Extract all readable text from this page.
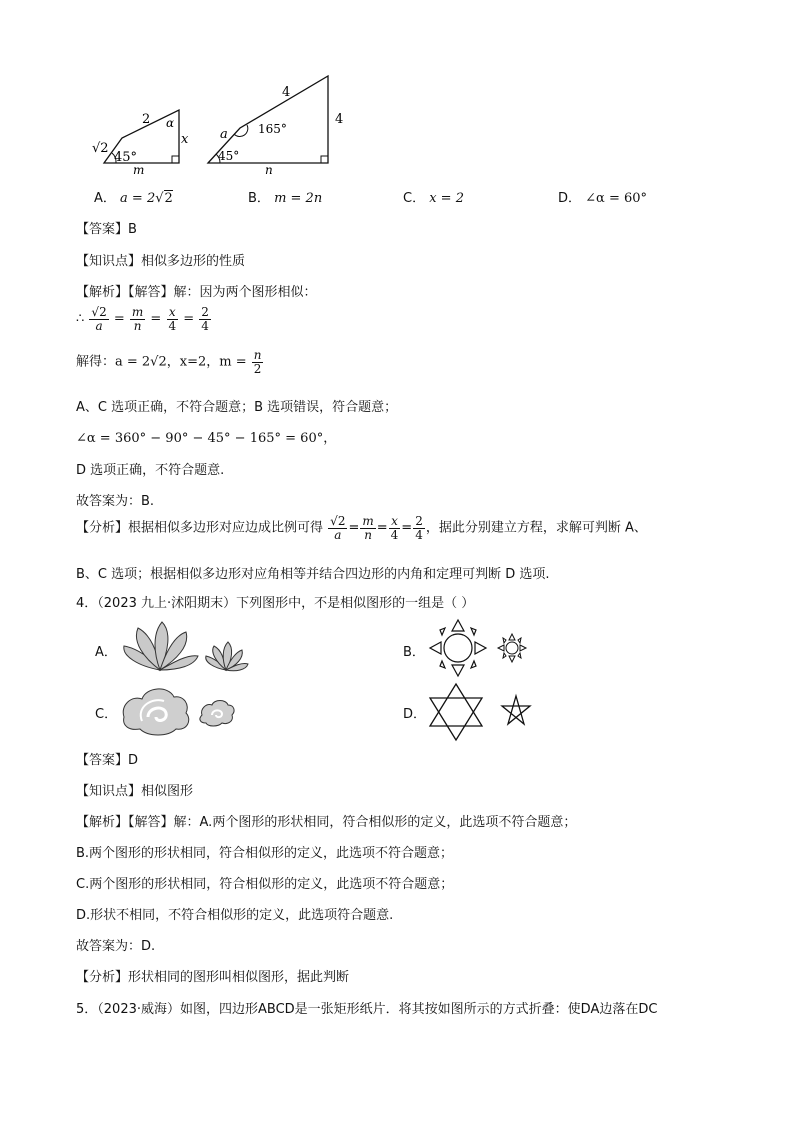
√2
2 α
x
45°
m
4
4
a	165°
45°
n
A． a = 2√2	B． m = 2n	C． x = 2	D． ∠α = 60°
【答案】B
【知识点】相似多边形的性质
【解析】【解答】解：因为两个图形相似：
∴ $\frac{√2}{a} = \frac{m}{n} = \frac{x}{4} = \frac{2}{4}$
解得：a = 2√2，x=2，$m = \frac{n}{2}$
A、C 选项正确，不符合题意；B 选项错误，符合题意；
∠α = 360° − 90° − 45° − 165° = 60°，
D 选项正确，不符合题意.
故答案为：B.
【分析】根据相似多边形对应边成比例可得 $\frac{√2}{a} = \frac{m}{n} = \frac{x}{4} = \frac{2}{4}$ ，据此分别建立方程，求解可判断 A、
B、C 选项；根据相似多边形对应角相等并结合四边形的内角和定理可判断 D 选项.
4．（2023 九上·沭阳期末）下列图形中，不是相似图形的一组是（ ）
A．	B．
C．	D．
【答案】D
【知识点】相似图形
【解析】【解答】解：A.两个图形的形状相同，符合相似形的定义，此选项不符合题意；
B.两个图形的形状相同，符合相似形的定义，此选项不符合题意；
C.两个图形的形状相同，符合相似形的定义，此选项不符合题意；
D.形状不相同，不符合相似形的定义，此选项符合题意.
故答案为：D.
【分析】形状相同的图形叫相似图形，据此判断
5．（2023·威海）如图，四边形ABCD是一张矩形纸片．将其按如图所示的方式折叠：使DA边落在DC
